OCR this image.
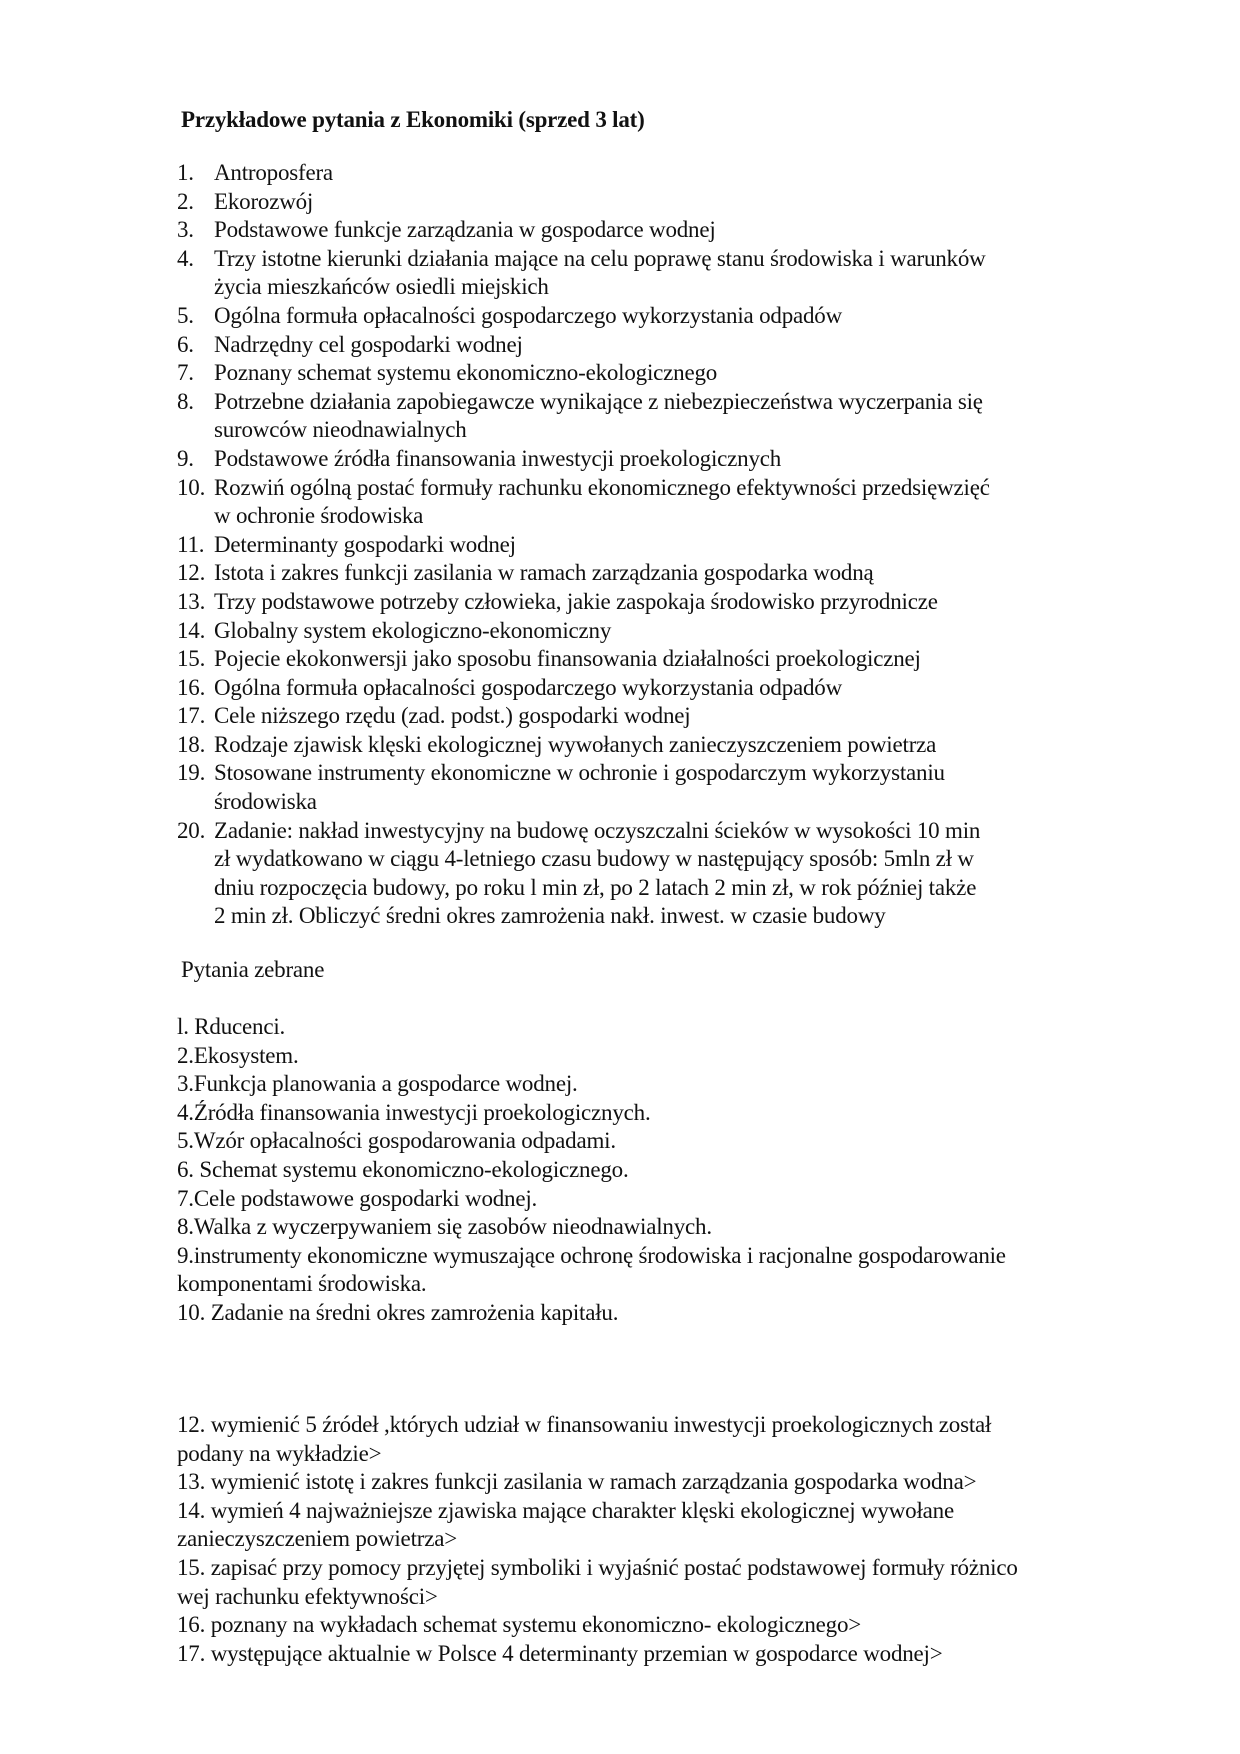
Przykładowe pytania z Ekonomiki (sprzed 3 lat)
1. Antroposfera
2. Ekorozwój
3. Podstawowe funkcje zarządzania w gospodarce wodnej
4. Trzy istotne kierunki działania mające na celu poprawę stanu środowiska i warunków
życia mieszkańców osiedli miejskich
5. Ogólna formuła opłacalności gospodarczego wykorzystania odpadów
6. Nadrzędny cel gospodarki wodnej
7. Poznany schemat systemu ekonomiczno-ekologicznego
8. Potrzebne działania zapobiegawcze wynikające z niebezpieczeństwa wyczerpania się
surowców nieodnawialnych
9. Podstawowe źródła finansowania inwestycji proekologicznych
10. Rozwiń ogólną postać formuły rachunku ekonomicznego efektywności przedsięwzięć
w ochronie środowiska
11. Determinanty gospodarki wodnej
12. Istota i zakres funkcji zasilania w ramach zarządzania gospodarka wodną
13. Trzy podstawowe potrzeby człowieka, jakie zaspokaja środowisko przyrodnicze
14. Globalny system ekologiczno-ekonomiczny
15. Pojecie ekokonwersji jako sposobu finansowania działalności proekologicznej
16. Ogólna formuła opłacalności gospodarczego wykorzystania odpadów
17. Cele niższego rzędu (zad. podst.) gospodarki wodnej
18. Rodzaje zjawisk klęski ekologicznej wywołanych zanieczyszczeniem powietrza
19. Stosowane instrumenty ekonomiczne w ochronie i gospodarczym wykorzystaniu
środowiska
20. Zadanie: nakład inwestycyjny na budowę oczyszczalni ścieków w wysokości 10 min
zł wydatkowano w ciągu 4-letniego czasu budowy w następujący sposób: 5mln zł w
dniu rozpoczęcia budowy, po roku l min zł, po 2 latach 2 min zł, w rok później także
2 min zł. Obliczyć średni okres zamrożenia nakł. inwest. w czasie budowy
Pytania zebrane
l. Rducenci.
2.Ekosystem.
3.Funkcja planowania a gospodarce wodnej.
4.Źródła finansowania inwestycji proekologicznych.
5.Wzór opłacalności gospodarowania odpadami.
6. Schemat systemu ekonomiczno-ekologicznego.
7.Cele podstawowe gospodarki wodnej.
8.Walka z wyczerpywaniem się zasobów nieodnawialnych.
9.instrumenty ekonomiczne wymuszające ochronę środowiska i racjonalne gospodarowanie
komponentami środowiska.
10. Zadanie na średni okres zamrożenia kapitału.
12. wymienić 5 źródeł ,których udział w finansowaniu inwestycji proekologicznych został
podany na wykładzie>
13. wymienić istotę i zakres funkcji zasilania w ramach zarządzania gospodarka wodna>
14. wymień 4 najważniejsze zjawiska mające charakter klęski ekologicznej wywołane
zanieczyszczeniem powietrza>
15. zapisać przy pomocy przyjętej symboliki i wyjaśnić postać podstawowej formuły różnico
wej rachunku efektywności>
16. poznany na wykładach schemat systemu ekonomiczno- ekologicznego>
17. występujące aktualnie w Polsce 4 determinanty przemian w gospodarce wodnej>
